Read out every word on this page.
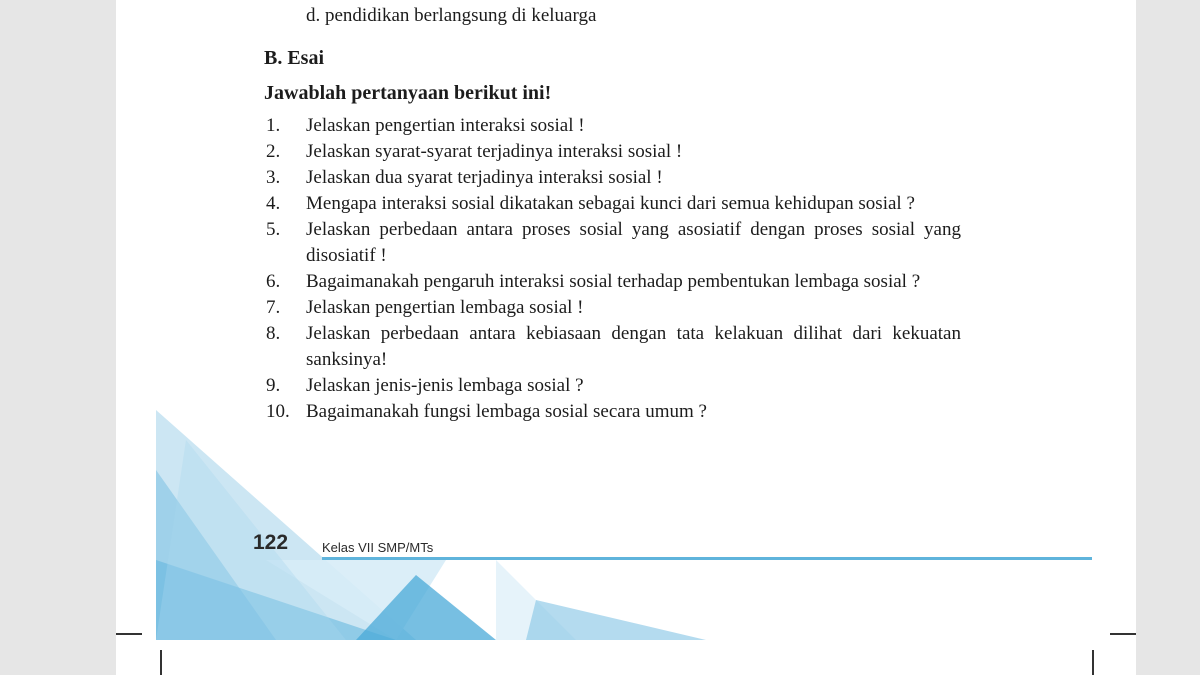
d. pendidikan berlangsung di keluarga
B. Esai
Jawablah pertanyaan berikut ini!
1.	Jelaskan pengertian interaksi sosial !
2.	Jelaskan syarat-syarat terjadinya interaksi sosial !
3.	Jelaskan dua syarat terjadinya interaksi sosial !
4.	Mengapa interaksi sosial dikatakan sebagai kunci dari semua kehidupan sosial ?
5.	Jelaskan perbedaan antara proses sosial yang asosiatif dengan proses sosial yang disosiatif !
6.	Bagaimanakah pengaruh interaksi sosial terhadap pembentukan lembaga sosial ?
7.	Jelaskan pengertian lembaga sosial !
8.	Jelaskan perbedaan antara kebiasaan dengan tata kelakuan dilihat dari kekuatan sanksinya!
9.	Jelaskan jenis-jenis lembaga sosial ?
10. Bagaimanakah fungsi lembaga sosial secara umum ?
122	Kelas VII SMP/MTs
